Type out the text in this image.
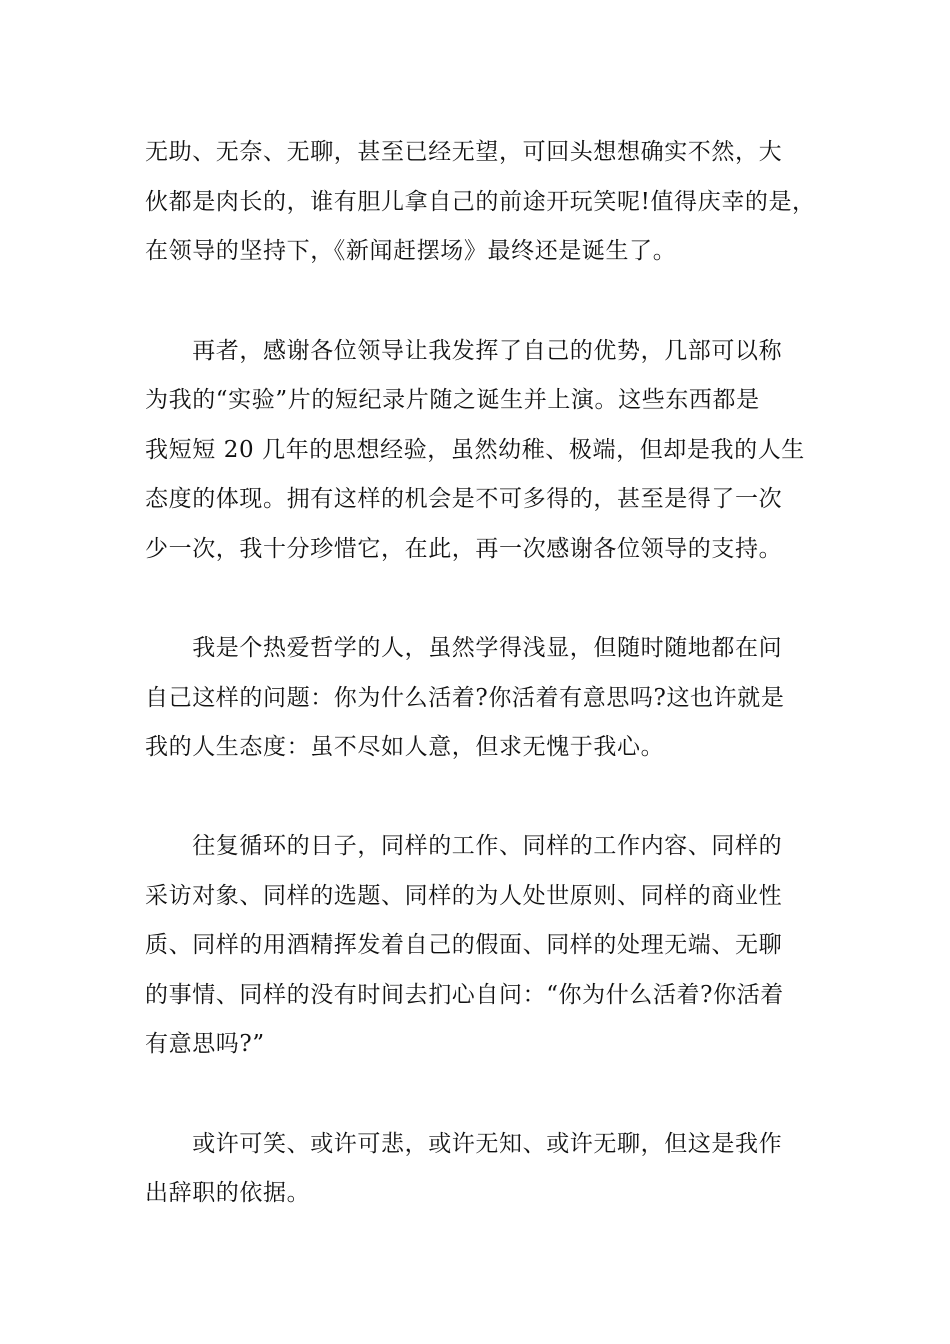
无助、无奈、无聊，甚至已经无望，可回头想想确实不然，大
伙都是肉长的，谁有胆儿拿自己的前途开玩笑呢!值得庆幸的是，
在领导的坚持下，《新闻赶摆场》最终还是诞生了。
　　再者，感谢各位领导让我发挥了自己的优势，几部可以称
为我的“实验”片的短纪录片随之诞生并上演。这些东西都是
我短短 20 几年的思想经验，虽然幼稚、极端，但却是我的人生
态度的体现。拥有这样的机会是不可多得的，甚至是得了一次
少一次，我十分珍惜它，在此，再一次感谢各位领导的支持。
　　我是个热爱哲学的人，虽然学得浅显，但随时随地都在问
自己这样的问题：你为什么活着?你活着有意思吗?这也许就是
我的人生态度：虽不尽如人意，但求无愧于我心。
　　往复循环的日子，同样的工作、同样的工作内容、同样的
采访对象、同样的选题、同样的为人处世原则、同样的商业性
质、同样的用酒精挥发着自己的假面、同样的处理无端、无聊
的事情、同样的没有时间去扪心自问：“你为什么活着?你活着
有意思吗?”
　　或许可笑、或许可悲，或许无知、或许无聊，但这是我作
出辞职的依据。
